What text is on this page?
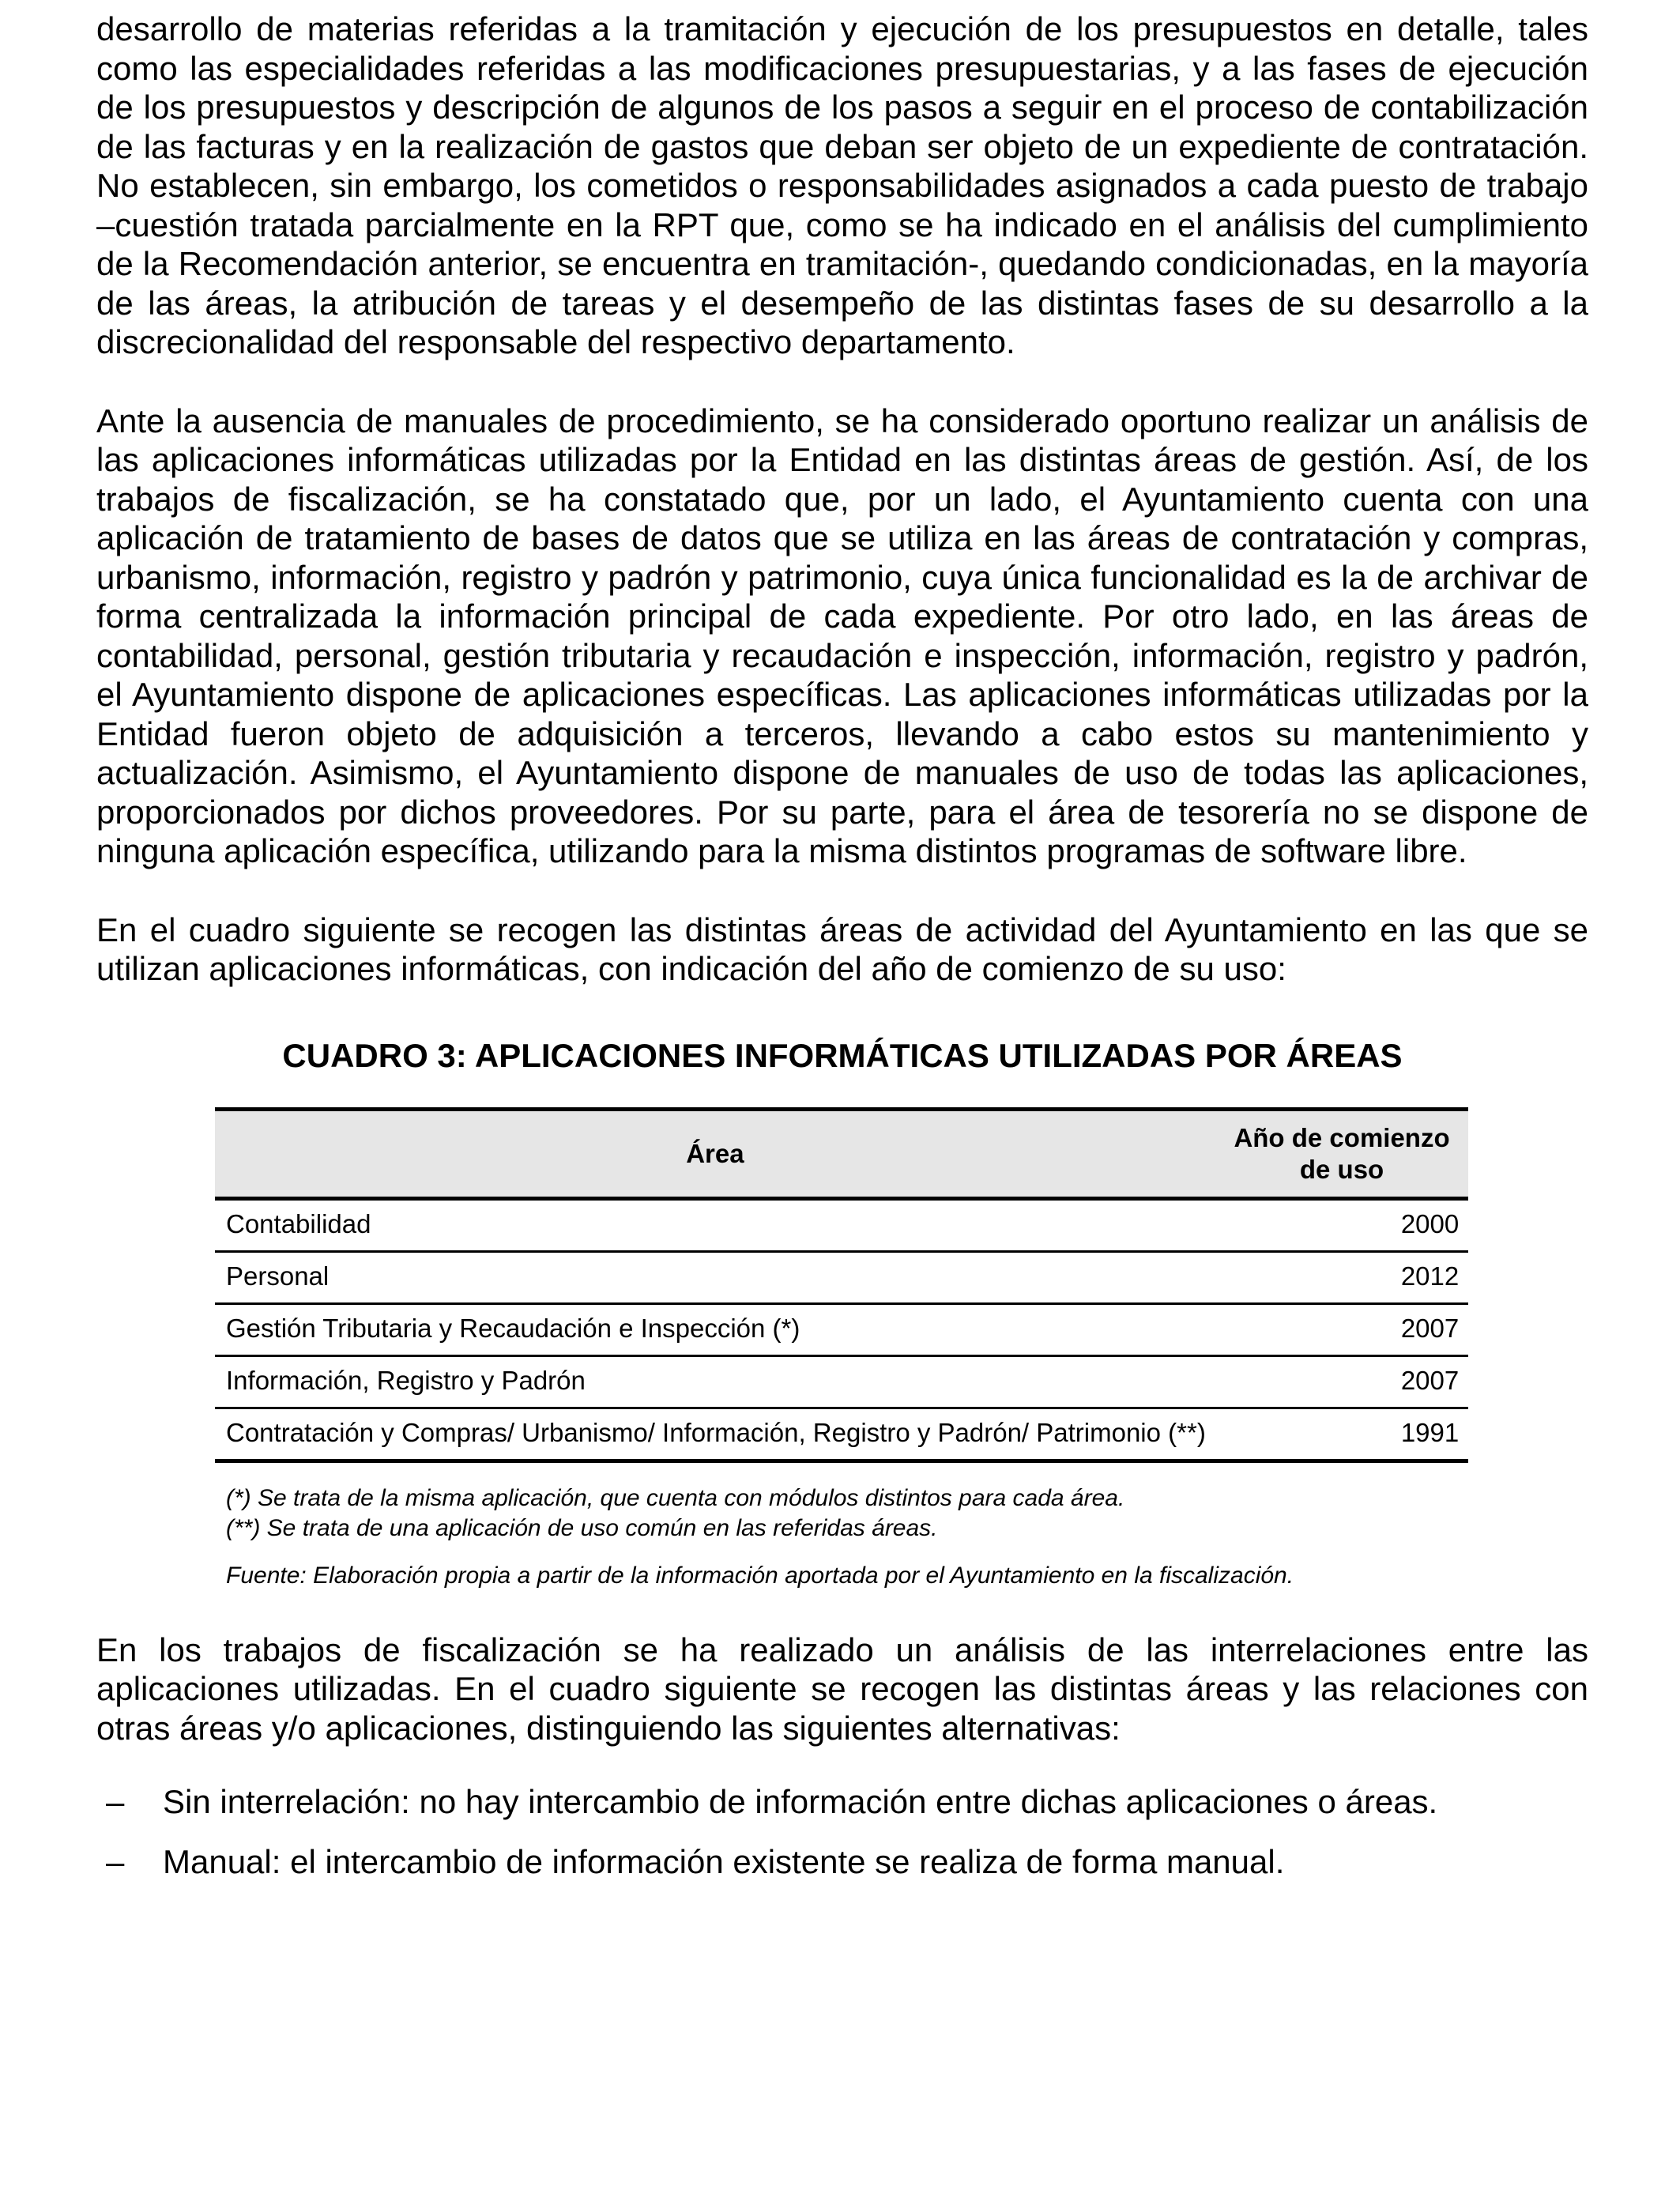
desarrollo de materias referidas a la tramitación y ejecución de los presupuestos en detalle, tales como las especialidades referidas a las modificaciones presupuestarias, y a las fases de ejecución de los presupuestos y descripción de algunos de los pasos a seguir en el proceso de contabilización de las facturas y en la realización de gastos que deban ser objeto de un expediente de contratación. No establecen, sin embargo, los cometidos o responsabilidades asignados a cada puesto de trabajo –cuestión tratada parcialmente en la RPT que, como se ha indicado en el análisis del cumplimiento de la Recomendación anterior, se encuentra en tramitación-, quedando condicionadas, en la mayoría de las áreas, la atribución de tareas y el desempeño de las distintas fases de su desarrollo a la discrecionalidad del responsable del respectivo departamento.

Ante la ausencia de manuales de procedimiento, se ha considerado oportuno realizar un análisis de las aplicaciones informáticas utilizadas por la Entidad en las distintas áreas de gestión. Así, de los trabajos de fiscalización, se ha constatado que, por un lado, el Ayuntamiento cuenta con una aplicación de tratamiento de bases de datos que se utiliza en las áreas de contratación y compras, urbanismo, información, registro y padrón y patrimonio, cuya única funcionalidad es la de archivar de forma centralizada la información principal de cada expediente. Por otro lado, en las áreas de contabilidad, personal, gestión tributaria y recaudación e inspección, información, registro y padrón, el Ayuntamiento dispone de aplicaciones específicas. Las aplicaciones informáticas utilizadas por la Entidad fueron objeto de adquisición a terceros, llevando a cabo estos su mantenimiento y actualización. Asimismo, el Ayuntamiento dispone de manuales de uso de todas las aplicaciones, proporcionados por dichos proveedores. Por su parte, para el área de tesorería no se dispone de ninguna aplicación específica, utilizando para la misma distintos programas de software libre.

En el cuadro siguiente se recogen las distintas áreas de actividad del Ayuntamiento en las que se utilizan aplicaciones informáticas, con indicación del año de comienzo de su uso:

CUADRO 3: APLICACIONES INFORMÁTICAS UTILIZADAS POR ÁREAS
Área	Año de comienzo
de uso
Contabilidad	2000
Personal	2012
Gestión Tributaria y Recaudación e Inspección (*)	2007
Información, Registro y Padrón	2007
Contratación y Compras/ Urbanismo/ Información, Registro y Padrón/ Patrimonio (**)	1991

(*) Se trata de la misma aplicación, que cuenta con módulos distintos para cada área.

(**) Se trata de una aplicación de uso común en las referidas áreas.

Fuente: Elaboración propia a partir de la información aportada por el Ayuntamiento en la fiscalización.

En los trabajos de fiscalización se ha realizado un análisis de las interrelaciones entre las aplicaciones utilizadas. En el cuadro siguiente se recogen las distintas áreas y las relaciones con otras áreas y/o aplicaciones, distinguiendo las siguientes alternativas:

– Sin interrelación: no hay intercambio de información entre dichas aplicaciones o áreas.
– Manual: el intercambio de información existente se realiza de forma manual.
